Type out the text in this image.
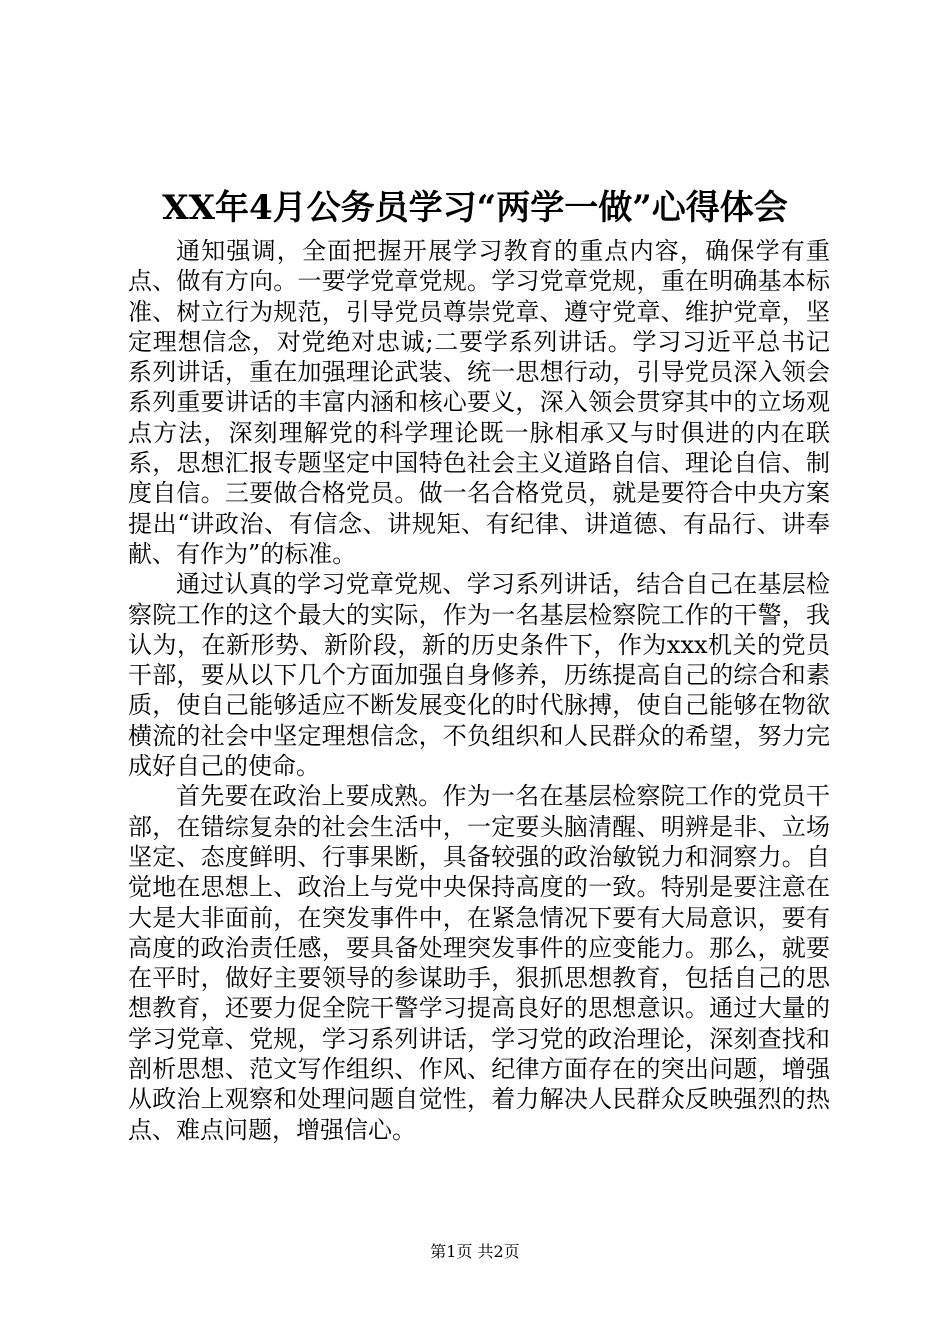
XX年4月公务员学习“两学一做”心得体会

通知强调，全面把握开展学习教育的重点内容，确保学有重点、做有方向。一要学党章党规。学习党章党规，重在明确基本标准、树立行为规范，引导党员尊崇党章、遵守党章、维护党章，坚定理想信念，对党绝对忠诚;二要学系列讲话。学习习近平总书记系列讲话，重在加强理论武装、统一思想行动，引导党员深入领会系列重要讲话的丰富内涵和核心要义，深入领会贯穿其中的立场观点方法，深刻理解党的科学理论既一脉相承又与时俱进的内在联系，思想汇报专题坚定中国特色社会主义道路自信、理论自信、制度自信。三要做合格党员。做一名合格党员，就是要符合中央方案提出“讲政治、有信念、讲规矩、有纪律、讲道德、有品行、讲奉献、有作为”的标准。

通过认真的学习党章党规、学习系列讲话，结合自己在基层检察院工作的这个最大的实际，作为一名基层检察院工作的干警，我认为，在新形势、新阶段，新的历史条件下，作为xxx机关的党员干部，要从以下几个方面加强自身修养，历练提高自己的综合和素质，使自己能够适应不断发展变化的时代脉搏，使自己能够在物欲横流的社会中坚定理想信念，不负组织和人民群众的希望，努力完成好自己的使命。

首先要在政治上要成熟。作为一名在基层检察院工作的党员干部，在错综复杂的社会生活中，一定要头脑清醒、明辨是非、立场坚定、态度鲜明、行事果断，具备较强的政治敏锐力和洞察力。自觉地在思想上、政治上与党中央保持高度的一致。特别是要注意在大是大非面前，在突发事件中，在紧急情况下要有大局意识，要有高度的政治责任感，要具备处理突发事件的应变能力。那么，就要在平时，做好主要领导的参谋助手，狠抓思想教育，包括自己的思想教育，还要力促全院干警学习提高良好的思想意识。通过大量的学习党章、党规，学习系列讲话，学习党的政治理论，深刻查找和剖析思想、范文写作组织、作风、纪律方面存在的突出问题，增强从政治上观察和处理问题自觉性，着力解决人民群众反映强烈的热点、难点问题，增强信心。

第1页 共2页
